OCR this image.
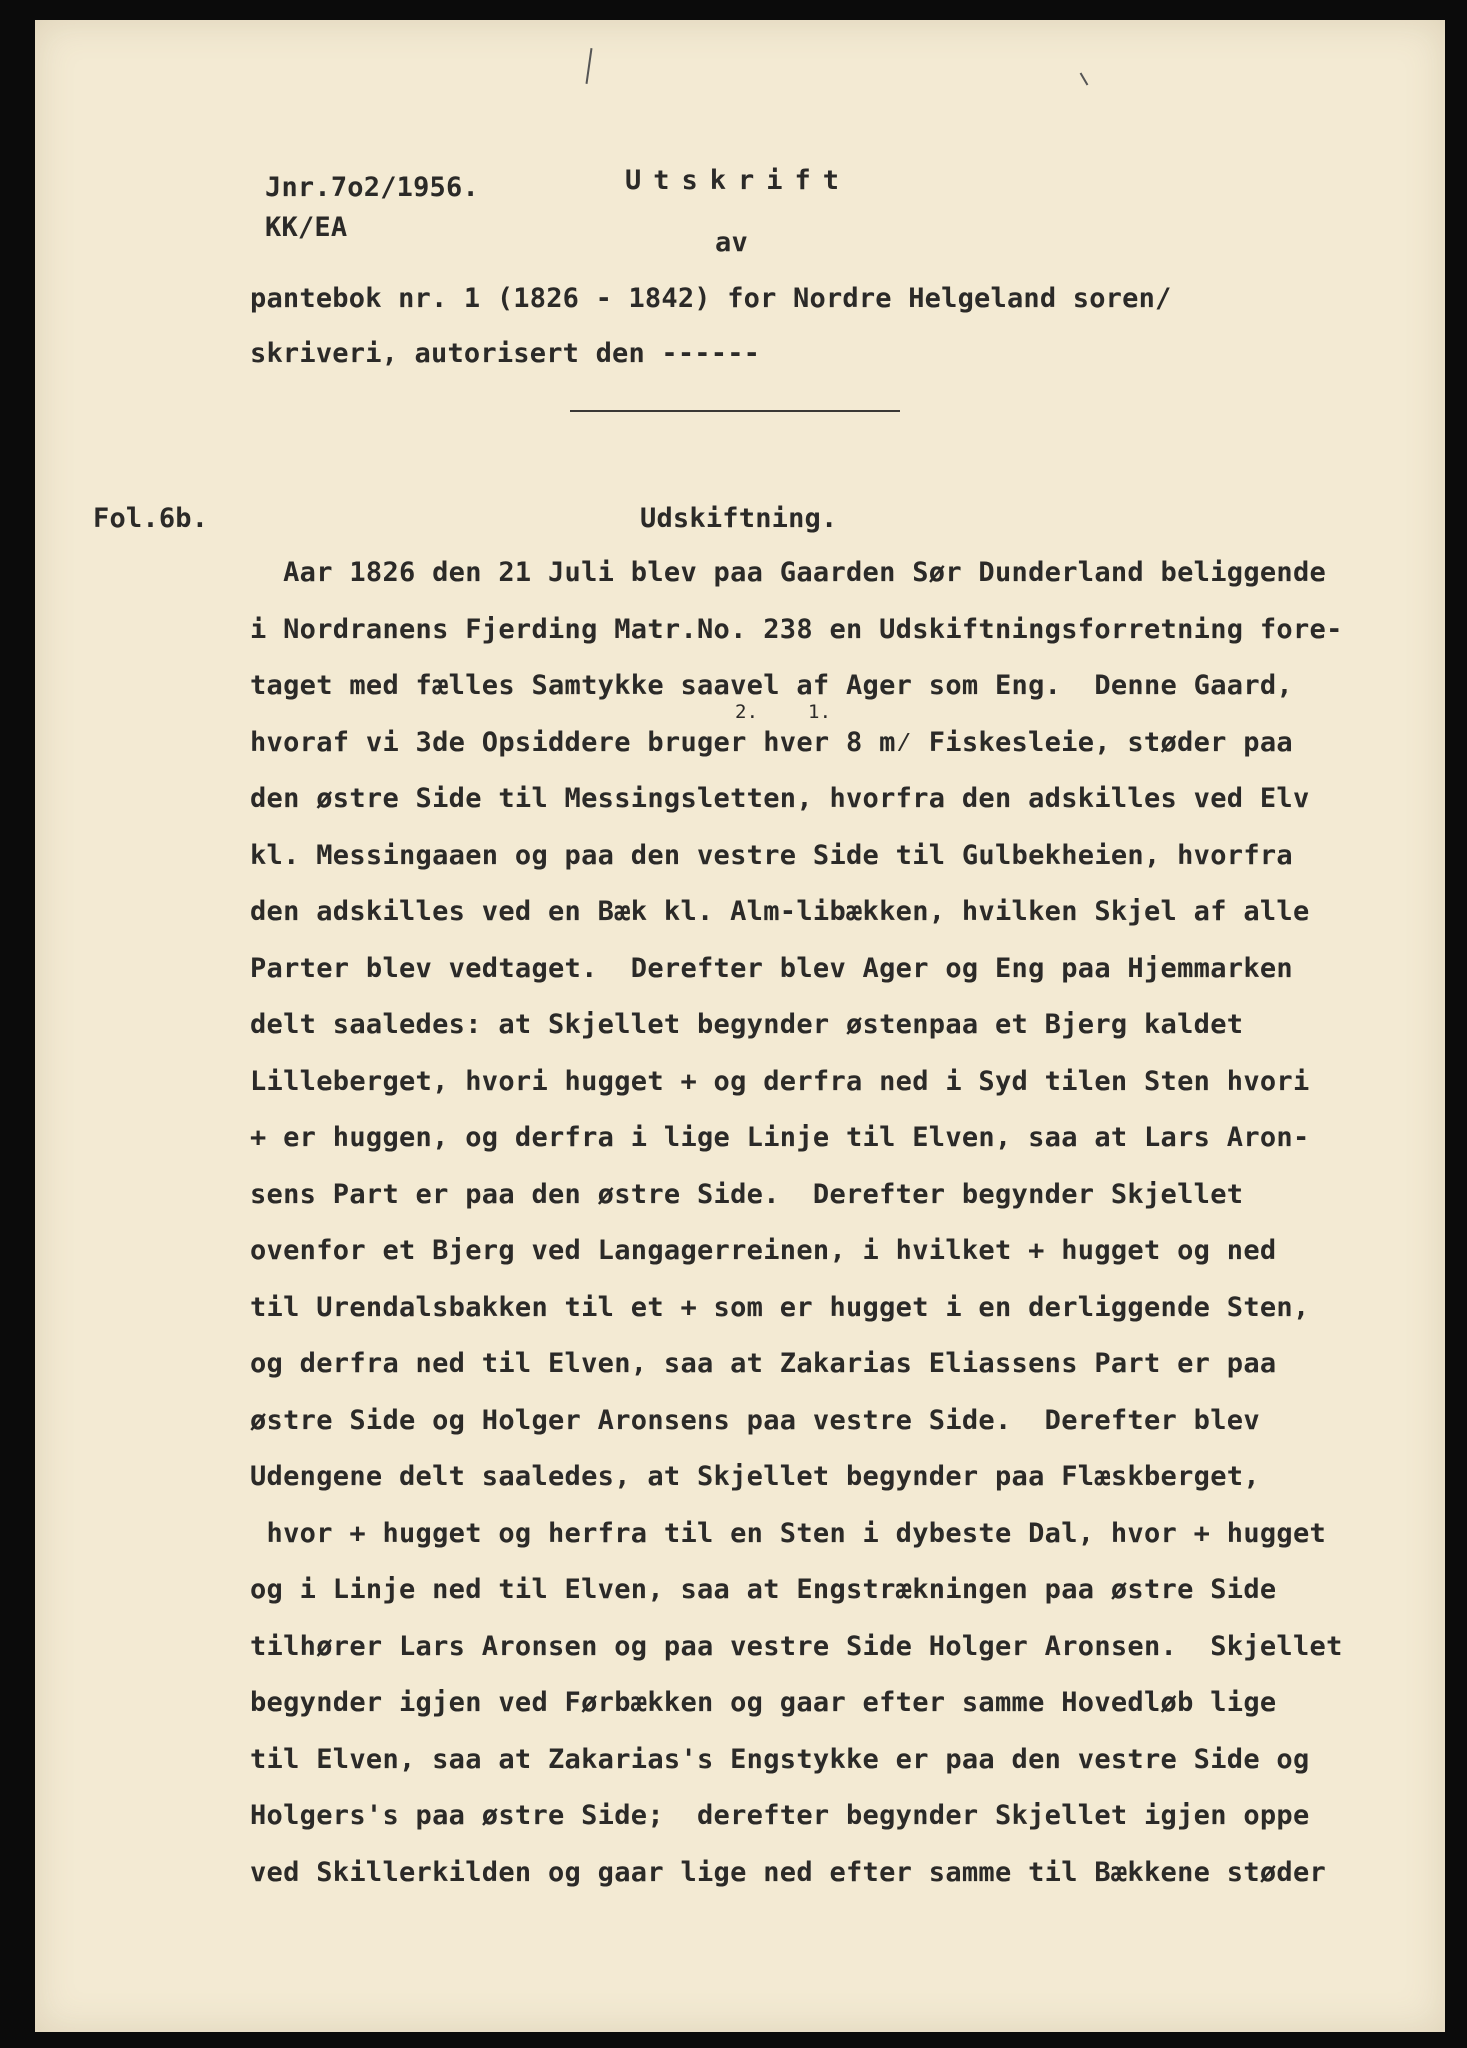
Jnr.7o2/1956.
KK/EA
Utskrift
av
pantebok nr. 1 (1826 - 1842) for Nordre Helgeland soren/
skriveri, autorisert den ------
Fol.6b.	Udskiftning.
2.	1.
Aar 1826 den 21 Juli blev paa Gaarden Sør Dunderland beliggende
i Nordranens Fjerding Matr.No. 238 en Udskiftningsforretning fore-
taget med fælles Samtykke saavel af Ager som Eng.  Denne Gaard,
hvoraf vi 3de Opsiddere bruger hver 8 m⁄ Fiskesleie, støder paa
den østre Side til Messingsletten, hvorfra den adskilles ved Elv
kl. Messingaaen og paa den vestre Side til Gulbekheien, hvorfra
den adskilles ved en Bæk kl. Alm-libækken, hvilken Skjel af alle
Parter blev vedtaget.  Derefter blev Ager og Eng paa Hjemmarken
delt saaledes: at Skjellet begynder østenpaa et Bjerg kaldet
Lilleberget, hvori hugget + og derfra ned i Syd tilen Sten hvori
+ er huggen, og derfra i lige Linje til Elven, saa at Lars Aron-
sens Part er paa den østre Side.  Derefter begynder Skjellet
ovenfor et Bjerg ved Langagerreinen, i hvilket + hugget og ned
til Urendalsbakken til et + som er hugget i en derliggende Sten,
og derfra ned til Elven, saa at Zakarias Eliassens Part er paa
østre Side og Holger Aronsens paa vestre Side.  Derefter blev
Udengene delt saaledes, at Skjellet begynder paa Flæskberget,
hvor + hugget og herfra til en Sten i dybeste Dal, hvor + hugget
og i Linje ned til Elven, saa at Engstrækningen paa østre Side
tilhører Lars Aronsen og paa vestre Side Holger Aronsen.  Skjellet
begynder igjen ved Førbækken og gaar efter samme Hovedløb lige
til Elven, saa at Zakarias's Engstykke er paa den vestre Side og
Holgers's paa østre Side;  derefter begynder Skjellet igjen oppe
ved Skillerkilden og gaar lige ned efter samme til Bækkene støder
